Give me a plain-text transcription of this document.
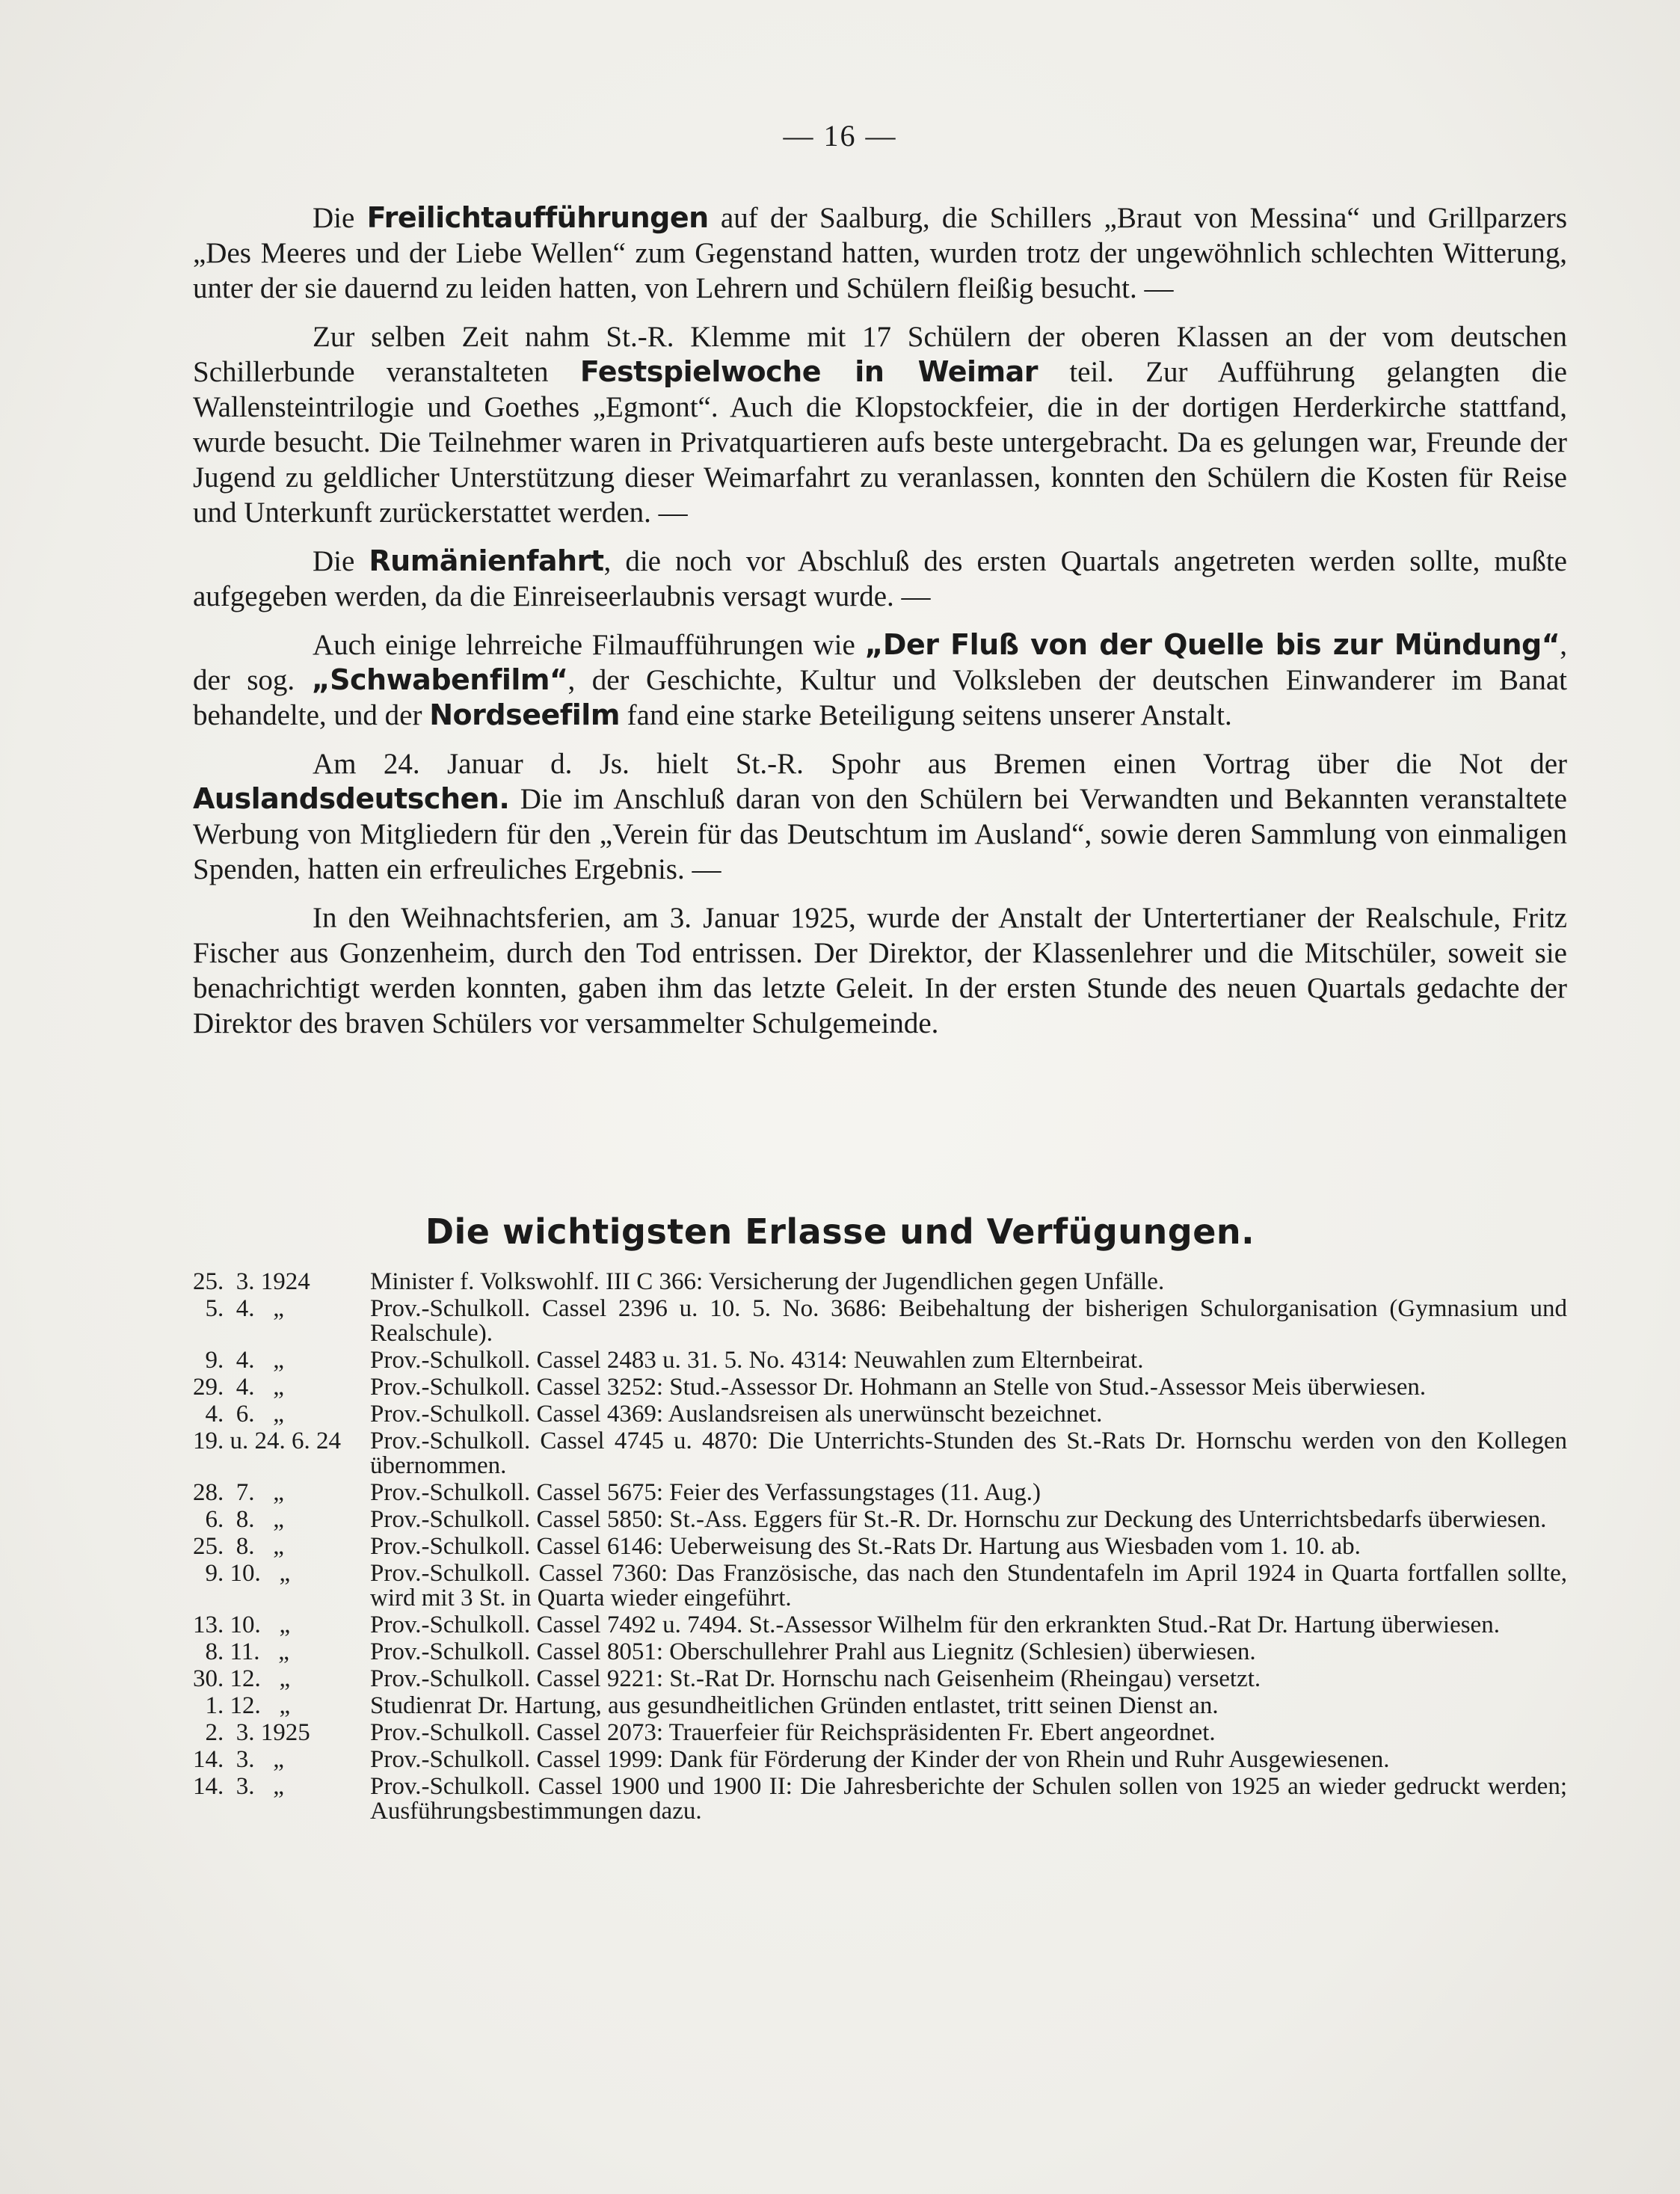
— 16 —

Die Freilichtaufführungen auf der Saalburg, die Schillers „Braut von Messina“ und Grillparzers „Des Meeres und der Liebe Wellen“ zum Gegenstand hatten, wurden trotz der ungewöhnlich schlechten Witterung, unter der sie dauernd zu leiden hatten, von Lehrern und Schülern fleißig besucht. —

Zur selben Zeit nahm St.-R. Klemme mit 17 Schülern der oberen Klassen an der vom deutschen Schillerbunde veranstalteten Festspielwoche in Weimar teil. Zur Aufführung gelangten die Wallensteintrilogie und Goethes „Egmont“. Auch die Klopstockfeier, die in der dortigen Herderkirche stattfand, wurde besucht. Die Teilnehmer waren in Privatquartieren aufs beste untergebracht. Da es gelungen war, Freunde der Jugend zu geldlicher Unterstützung dieser Weimarfahrt zu veranlassen, konnten den Schülern die Kosten für Reise und Unterkunft zurückerstattet werden. —

Die Rumänienfahrt, die noch vor Abschluß des ersten Quartals angetreten werden sollte, mußte aufgegeben werden, da die Einreiseerlaubnis versagt wurde. —

Auch einige lehrreiche Filmaufführungen wie „Der Fluß von der Quelle bis zur Mündung“, der sog. „Schwabenfilm“, der Geschichte, Kultur und Volksleben der deutschen Einwanderer im Banat behandelte, und der Nordseefilm fand eine starke Beteiligung seitens unserer Anstalt.

Am 24. Januar d. Js. hielt St.-R. Spohr aus Bremen einen Vortrag über die Not der Auslandsdeutschen. Die im Anschluß daran von den Schülern bei Verwandten und Bekannten veranstaltete Werbung von Mitgliedern für den „Verein für das Deutschtum im Ausland“, sowie deren Sammlung von einmaligen Spenden, hatten ein erfreuliches Ergebnis. —

In den Weihnachtsferien, am 3. Januar 1925, wurde der Anstalt der Untertertianer der Realschule, Fritz Fischer aus Gonzenheim, durch den Tod entrissen. Der Direktor, der Klassenlehrer und die Mitschüler, soweit sie benachrichtigt werden konnten, gaben ihm das letzte Geleit. In der ersten Stunde des neuen Quartals gedachte der Direktor des braven Schülers vor versammelter Schulgemeinde.

Die wichtigsten Erlasse und Verfügungen.
25.  3. 1924	Minister f. Volkswohlf. III C 366: Versicherung der Jugendlichen gegen Unfälle.
5.  4.   „	Prov.-Schulkoll. Cassel 2396 u. 10. 5. No. 3686: Beibehaltung der bisherigen Schulorganisation (Gymnasium und Realschule).
9.  4.   „	Prov.-Schulkoll. Cassel 2483 u. 31. 5. No. 4314: Neuwahlen zum Elternbeirat.
29.  4.   „	Prov.-Schulkoll. Cassel 3252: Stud.-Assessor Dr. Hohmann an Stelle von Stud.-Assessor Meis überwiesen.
4.  6.   „	Prov.-Schulkoll. Cassel 4369: Auslandsreisen als unerwünscht bezeichnet.
19. u. 24. 6. 24	Prov.-Schulkoll. Cassel 4745 u. 4870: Die Unterrichts-Stunden des St.-Rats Dr. Hornschu werden von den Kollegen übernommen.
28.  7.   „	Prov.-Schulkoll. Cassel 5675: Feier des Verfassungstages (11. Aug.)
6.  8.   „	Prov.-Schulkoll. Cassel 5850: St.-Ass. Eggers für St.-R. Dr. Hornschu zur Deckung des Unterrichtsbedarfs überwiesen.
25.  8.   „	Prov.-Schulkoll. Cassel 6146: Ueberweisung des St.-Rats Dr. Hartung aus Wiesbaden vom 1. 10. ab.
9. 10.   „	Prov.-Schulkoll. Cassel 7360: Das Französische, das nach den Stundentafeln im April 1924 in Quarta fortfallen sollte, wird mit 3 St. in Quarta wieder eingeführt.
13. 10.   „	Prov.-Schulkoll. Cassel 7492 u. 7494. St.-Assessor Wilhelm für den erkrankten Stud.-Rat Dr. Hartung überwiesen.
8. 11.   „	Prov.-Schulkoll. Cassel 8051: Oberschullehrer Prahl aus Liegnitz (Schlesien) überwiesen.
30. 12.   „	Prov.-Schulkoll. Cassel 9221: St.-Rat Dr. Hornschu nach Geisenheim (Rheingau) versetzt.
1. 12.   „	Studienrat Dr. Hartung, aus gesundheitlichen Gründen entlastet, tritt seinen Dienst an.
2.  3. 1925	Prov.-Schulkoll. Cassel 2073: Trauerfeier für Reichspräsidenten Fr. Ebert angeordnet.
14.  3.   „	Prov.-Schulkoll. Cassel 1999: Dank für Förderung der Kinder der von Rhein und Ruhr Ausgewiesenen.
14.  3.   „	Prov.-Schulkoll. Cassel 1900 und 1900 II: Die Jahresberichte der Schulen sollen von 1925 an wieder gedruckt werden; Ausführungsbestimmungen dazu.
